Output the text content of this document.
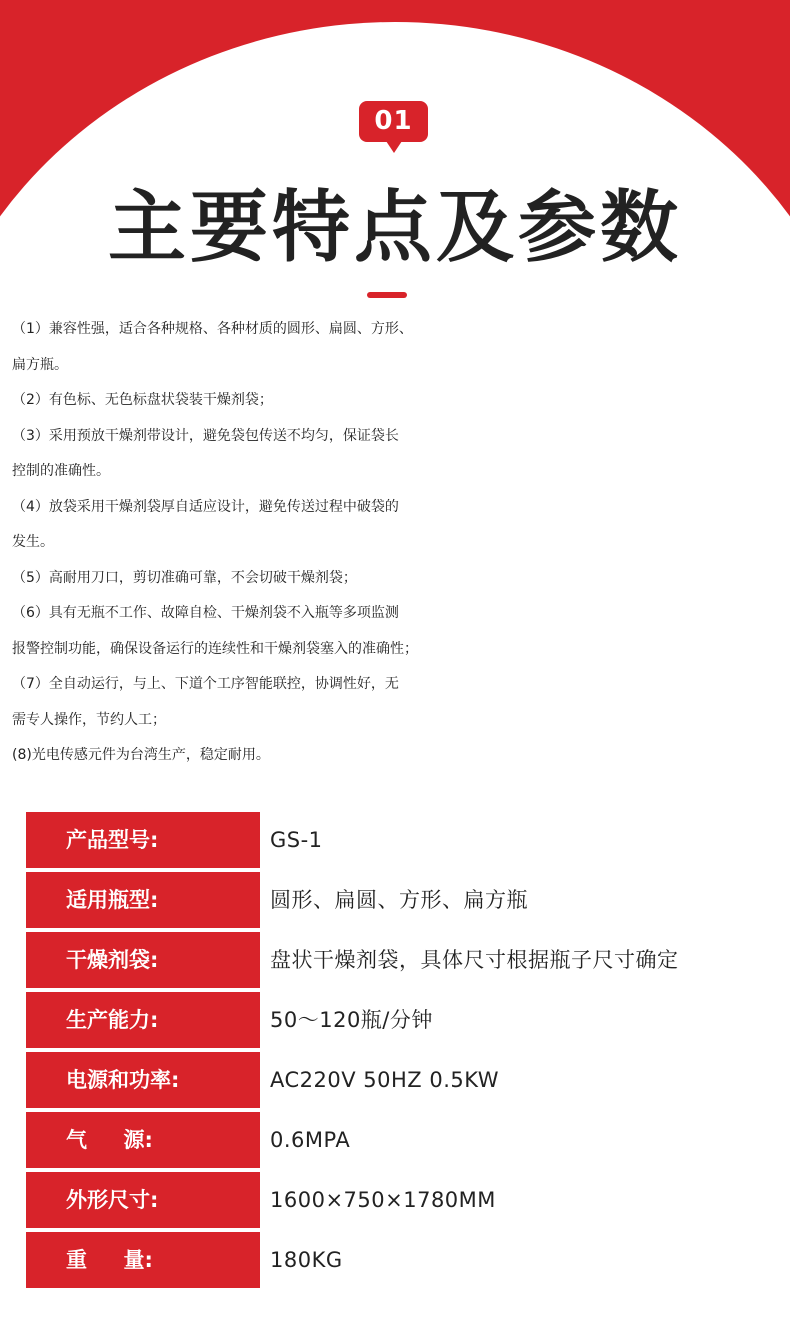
01
主要特点及参数
（1）兼容性强，适合各种规格、各种材质的圆形、扁圆、方形、
扁方瓶。
（2）有色标、无色标盘状袋装干燥剂袋；
（3）采用预放干燥剂带设计，避免袋包传送不均匀，保证袋长
控制的准确性。
（4）放袋采用干燥剂袋厚自适应设计，避免传送过程中破袋的
发生。
（5）高耐用刀口，剪切准确可靠，不会切破干燥剂袋；
（6）具有无瓶不工作、故障自检、干燥剂袋不入瓶等多项监测
报警控制功能，确保设备运行的连续性和干燥剂袋塞入的准确性；
（7）全自动运行，与上、下道个工序智能联控，协调性好，无
需专人操作，节约人工；
(8)光电传感元件为台湾生产，稳定耐用。
产品型号:	GS-1
适用瓶型:	圆形、扁圆、方形、扁方瓶
干燥剂袋:	盘状干燥剂袋，具体尺寸根据瓶子尺寸确定
生产能力:	50～120瓶/分钟
电源和功率:	AC220V 50HZ 0.5KW
气     源:	0.6MPA
外形尺寸:	1600×750×1780MM
重     量:	180KG
